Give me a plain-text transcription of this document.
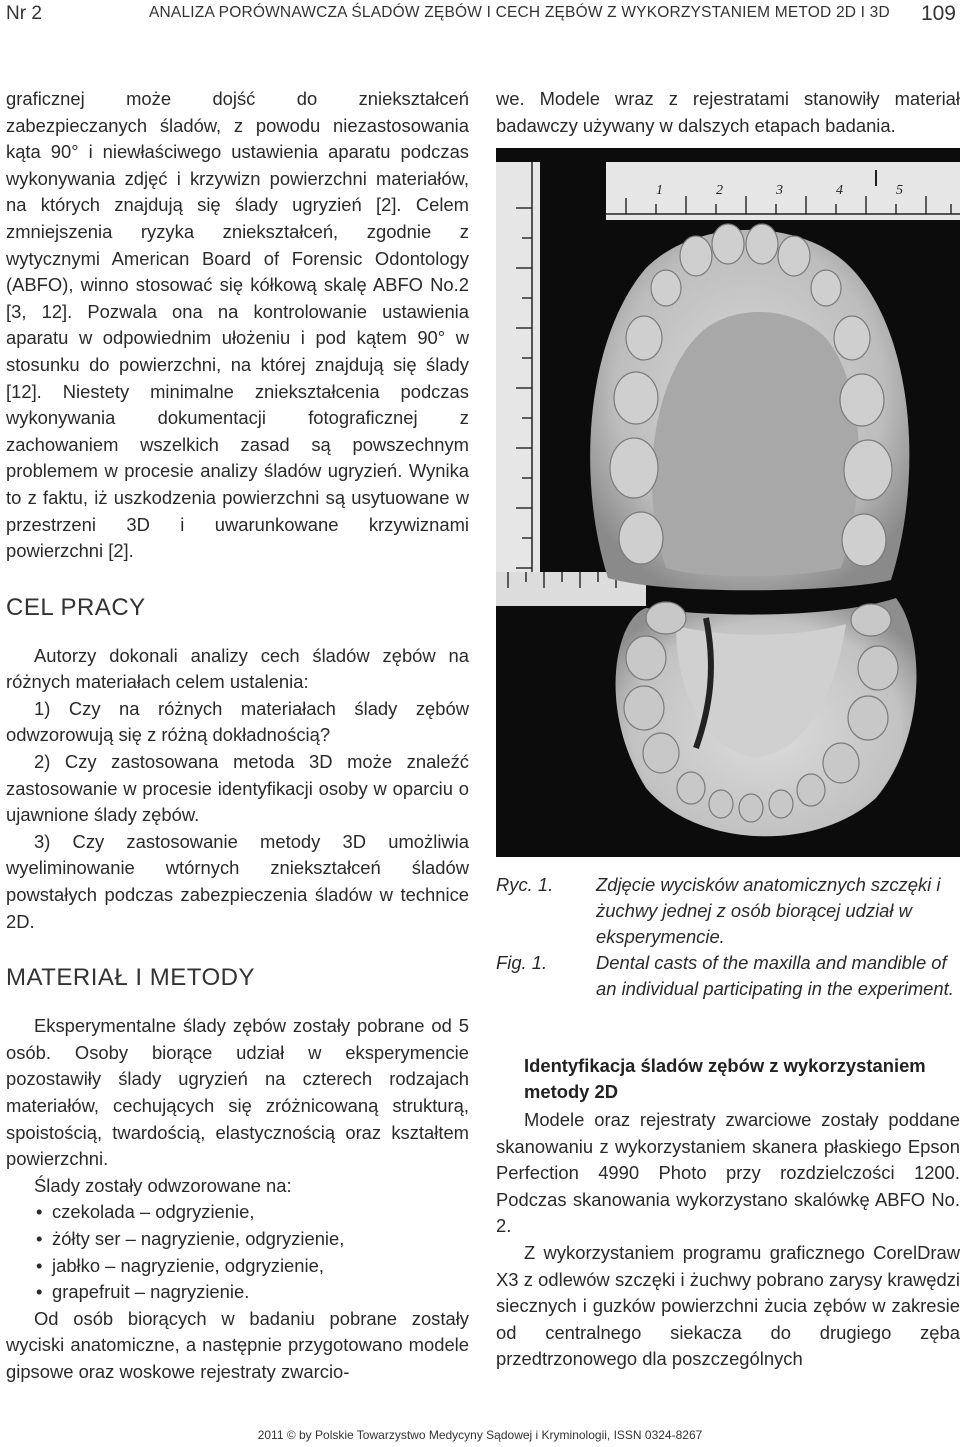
Nr 2	ANALIZA PORÓWNAWCZA ŚLADÓW ZĘBÓW I CECH ZĘBÓW Z WYKORZYSTANIEM METOD 2D I 3D 109

graficznej może dojść do zniekształceń zabezpieczanych śladów, z powodu niezastosowania kąta 90° i niewłaściwego ustawienia aparatu podczas wykonywania zdjęć i krzywizn powierzchni materiałów, na których znajdują się ślady ugryzień [2]. Celem zmniejszenia ryzyka zniekształceń, zgodnie z wytycznymi American Board of Forensic Odontology (ABFO), winno stosować się kółkową skalę ABFO No.2 [3, 12]. Pozwala ona na kontrolowanie ustawienia aparatu w odpowiednim ułożeniu i pod kątem 90° w stosunku do powierzchni, na której znajdują się ślady [12]. Niestety minimalne zniekształcenia podczas wykonywania dokumentacji fotograficznej z zachowaniem wszelkich zasad są powszechnym problemem w procesie analizy śladów ugryzień. Wynika to z faktu, iż uszkodzenia powierzchni są usytuowane w przestrzeni 3D i uwarunkowane krzywiznami powierzchni [2].

CEL PRACY

Autorzy dokonali analizy cech śladów zębów na różnych materiałach celem ustalenia:

1) Czy na różnych materiałach ślady zębów odwzorowują się z różną dokładnością?

2) Czy zastosowana metoda 3D może znaleźć zastosowanie w procesie identyfikacji osoby w oparciu o ujawnione ślady zębów.

3) Czy zastosowanie metody 3D umożliwia wyeliminowanie wtórnych zniekształceń śladów powstałych podczas zabezpieczenia śladów w technice 2D.

MATERIAŁ I METODY

Eksperymentalne ślady zębów zostały pobrane od 5 osób. Osoby biorące udział w eksperymencie pozostawiły ślady ugryzień na czterech rodzajach materiałów, cechujących się zróżnicowaną strukturą, spoistością, twardością, elastycznością oraz kształtem powierzchni.

Ślady zostały odwzorowane na:

• czekolada – odgryzienie,
• żółty ser – nagryzienie, odgryzienie,
• jabłko – nagryzienie, odgryzienie,
• grapefruit – nagryzienie.

Od osób biorących w badaniu pobrane zostały wyciski anatomiczne, a następnie przygotowano modele gipsowe oraz woskowe rejestraty zwarcio-

we. Modele wraz z rejestratami stanowiły materiał badawczy używany w dalszych etapach badania.

1	2	3	4	5
Ryc. 1.	Zdjęcie wycisków anatomicznych szczęki i żuchwy jednej z osób biorącej udział w eksperymencie.
Fig. 1.	Dental casts of the maxilla and mandible of an individual participating in the experiment.
Identyfikacja śladów zębów z wykorzystaniem metody 2D

Modele oraz rejestraty zwarciowe zostały poddane skanowaniu z wykorzystaniem skanera płaskiego Epson Perfection 4990 Photo przy rozdzielczości 1200. Podczas skanowania wykorzystano skalówkę ABFO No. 2.

Z wykorzystaniem programu graficznego CorelDraw X3 z odlewów szczęki i żuchwy pobrano zarysy krawędzi siecznych i guzków powierzchni żucia zębów w zakresie od centralnego siekacza do drugiego zęba przedtrzonowego dla poszczególnych

2011 © by Polskie Towarzystwo Medycyny Sądowej i Kryminologii, ISSN 0324-8267
